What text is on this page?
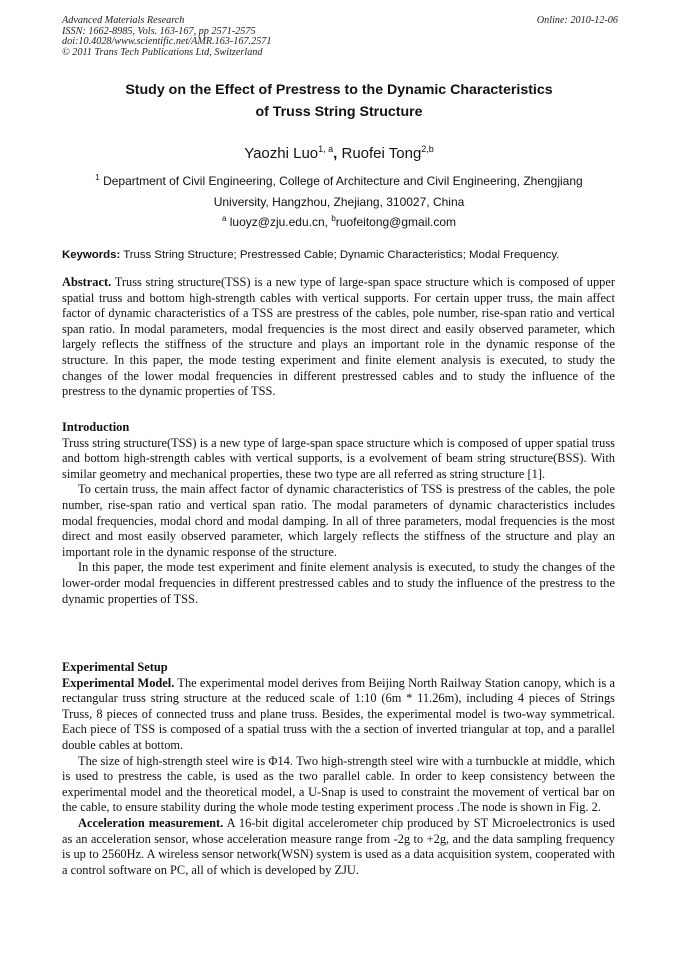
Advanced Materials Research
ISSN: 1662-8985, Vols. 163-167, pp 2571-2575
doi:10.4028/www.scientific.net/AMR.163-167.2571
© 2011 Trans Tech Publications Ltd, Switzerland
Online: 2010-12-06
Study on the Effect of Prestress to the Dynamic Characteristics
of Truss String Structure
Yaozhi Luo$^{1, a}$, Ruofei Tong$^{2,b}$
$^1$ Department of Civil Engineering, College of Architecture and Civil Engineering, Zhengjiang
University, Hangzhou, Zhejiang, 310027, China
$^a$ luoyz@zju.edu.cn, $^b$ruofeitong@gmail.com
Keywords: Truss String Structure; Prestressed Cable; Dynamic Characteristics; Modal Frequency.

Abstract. Truss string structure(TSS) is a new type of large-span space structure which is composed of upper spatial truss and bottom high-strength cables with vertical supports. For certain upper truss, the main affect factor of dynamic characteristics of a TSS are prestress of the cables, pole number, rise-span ratio and vertical span ratio. In modal parameters, modal frequencies is the most direct and easily observed parameter, which largely reflects the stiffness of the structure and plays an important role in the dynamic response of the structure. In this paper, the mode testing experiment and finite element analysis is executed, to study the changes of the lower modal frequencies in different prestressed cables and to study the influence of the prestress to the dynamic properties of TSS.

Introduction

Truss string structure(TSS) is a new type of large-span space structure which is composed of upper spatial truss and bottom high-strength cables with vertical supports, is a evolvement of beam string structure(BSS). With similar geometry and mechanical properties, these two type are all referred as string structure [1].

To certain truss, the main affect factor of dynamic characteristics of TSS is prestress of the cables, the pole number, rise-span ratio and vertical span ratio. The modal parameters of dynamic characteristics includes modal frequencies, modal chord and modal damping. In all of three parameters, modal frequencies is the most direct and most easily observed parameter, which largely reflects the stiffness of the structure and play an important role in the dynamic response of the structure.

In this paper, the mode test experiment and finite element analysis is executed, to study the changes of the lower-order modal frequencies in different prestressed cables and to study the influence of the prestress to the dynamic properties of TSS.

Experimental Setup

Experimental Model. The experimental model derives from Beijing North Railway Station canopy, which is a rectangular truss string structure at the reduced scale of 1:10 (6m * 11.26m), including 4 pieces of Strings Truss, 8 pieces of connected truss and plane truss. Besides, the experimental model is two-way symmetrical. Each piece of TSS is composed of a spatial truss with the a section of inverted triangular at top, and a parallel double cables at bottom.

The size of high-strength steel wire is Φ14. Two high-strength steel wire with a turnbuckle at middle, which is used to prestress the cable, is used as the two parallel cable. In order to keep consistency between the experimental model and the theoretical model, a U-Snap is used to constraint the movement of vertical bar on the cable, to ensure stability during the whole mode testing experiment process .The node is shown in Fig. 2.

Acceleration measurement. A 16-bit digital accelerometer chip produced by ST Microelectronics is used as an acceleration sensor, whose acceleration measure range from -2g to +2g, and the data sampling frequency is up to 2560Hz. A wireless sensor network(WSN) system is used as a data acquisition system, cooperated with a control software on PC, all of which is developed by ZJU.
